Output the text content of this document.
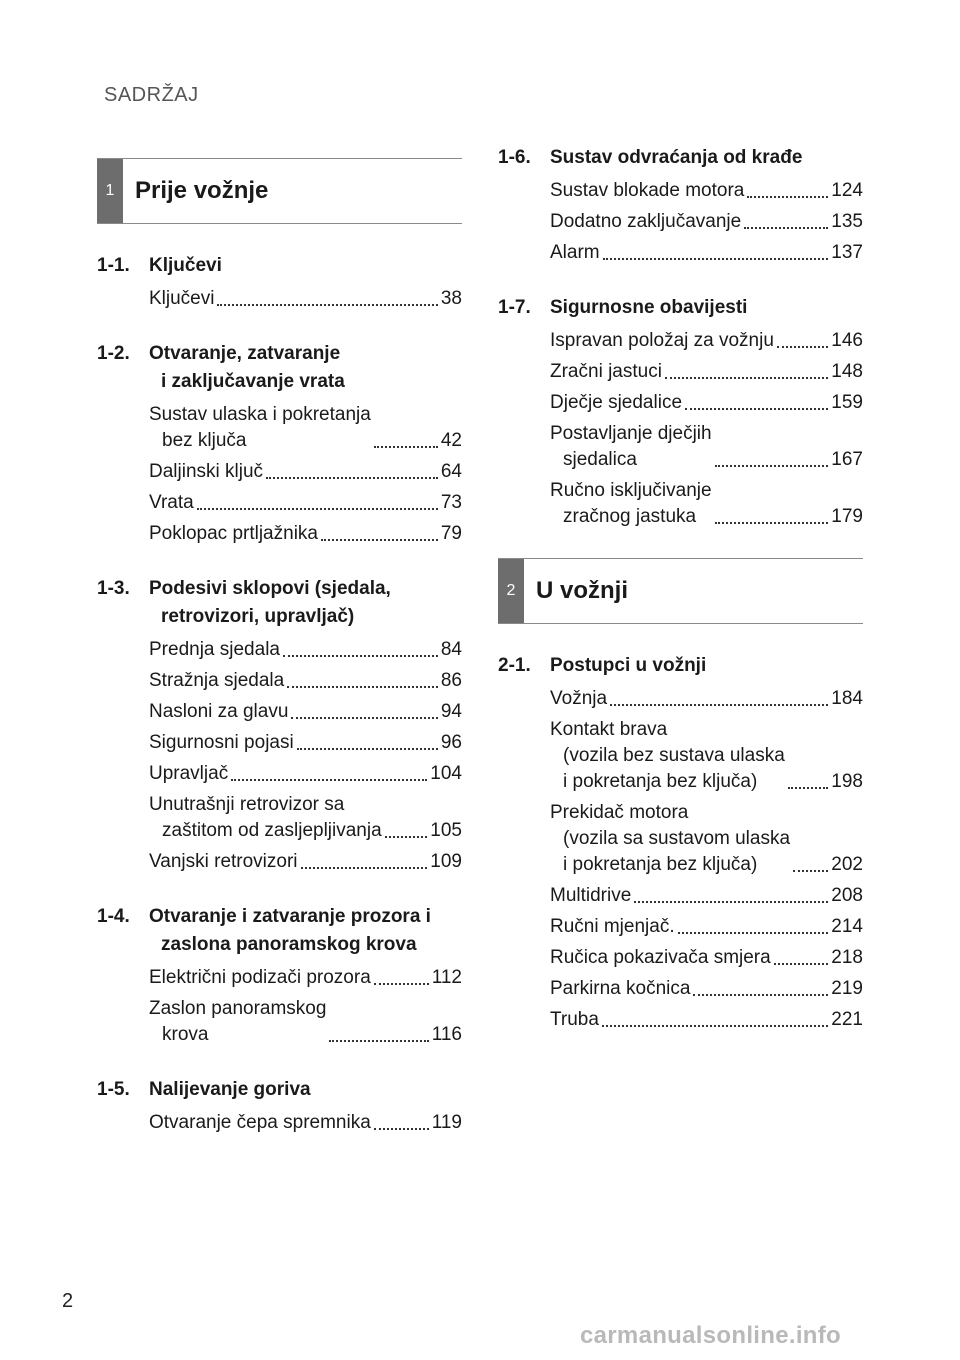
SADRŽAJ
1 Prije vožnje
1-1.	Ključevi
Ključevi	38
1-2.	Otvaranje, zatvaranje
i zaključavanje vrata
Sustav ulaska i pokretanja
bez ključa	42
Daljinski ključ	64
Vrata	73
Poklopac prtljažnika	79
1-3.	Podesivi sklopovi (sjedala,
retrovizori, upravljač)
Prednja sjedala	84
Stražnja sjedala	86
Nasloni za glavu	94
Sigurnosni pojasi	96
Upravljač	104
Unutrašnji retrovizor sa
zaštitom od zasljepljivanja	105
Vanjski retrovizori	109
1-4.	Otvaranje i zatvaranje prozora i
zaslona panoramskog krova
Električni podizači prozora	112
Zaslon panoramskog
krova	116
1-5.	Nalijevanje goriva
Otvaranje čepa spremnika	119
1-6.	Sustav odvraćanja od krađe
Sustav blokade motora	124
Dodatno zaključavanje	135
Alarm	137
1-7.	Sigurnosne obavijesti
Ispravan položaj za vožnju	146
Zračni jastuci	148
Dječje sjedalice	159
Postavljanje dječjih
sjedalica	167
Ručno isključivanje
zračnog jastuka	179
2 U vožnji
2-1.	Postupci u vožnji
Vožnja	184
Kontakt brava
(vozila bez sustava ulaska
i pokretanja bez ključa)	198
Prekidač motora
(vozila sa sustavom ulaska
i pokretanja bez ključa)	202
Multidrive	208
Ručni mjenjač.	214
Ručica pokazivača smjera	218
Parkirna kočnica	219
Truba	221
2
carmanualsonline.info
